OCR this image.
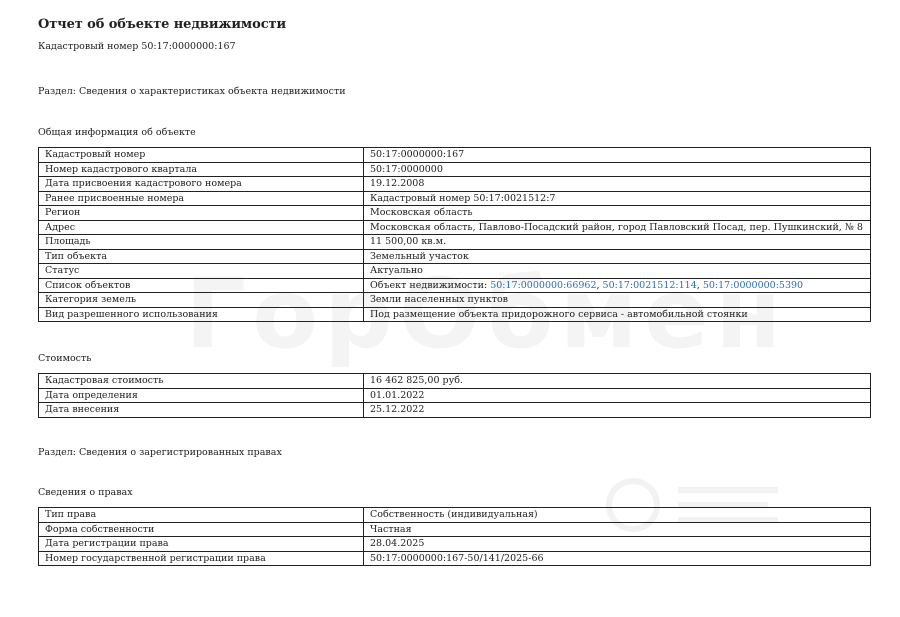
Отчет об объекте недвижимости
Кадастровый номер 50:17:0000000:167
Раздел: Сведения о характеристиках объекта недвижимости
Общая информация об объекте
Кадастровый номер	50:17:0000000:167
Номер кадастрового квартала	50:17:0000000
Дата присвоения кадастрового номера	19.12.2008
Ранее присвоенные номера	Кадастровый номер 50:17:0021512:7
Регион	Московская область
Адрес	Московская область, Павлово-Посадский район, город Павловский Посад, пер. Пушкинский, № 8
Площадь	11 500,00 кв.м.
Тип объекта	Земельный участок
Статус	Актуально
Список объектов	Объект недвижимости: 50:17:0000000:66962, 50:17:0021512:114, 50:17:0000000:5390
Категория земель	Земли населенных пунктов
Вид разрешенного использования	Под размещение объекта придорожного сервиса - автомобильной стоянки
Стоимость
Кадастровая стоимость	16 462 825,00 руб.
Дата определения	01.01.2022
Дата внесения	25.12.2022
Раздел: Сведения о зарегистрированных правах
Сведения о правах
Тип права	Собственность (индивидуальная)
Форма собственности	Частная
Дата регистрации права	28.04.2025
Номер государственной регистрации права	50:17:0000000:167-50/141/2025-66
